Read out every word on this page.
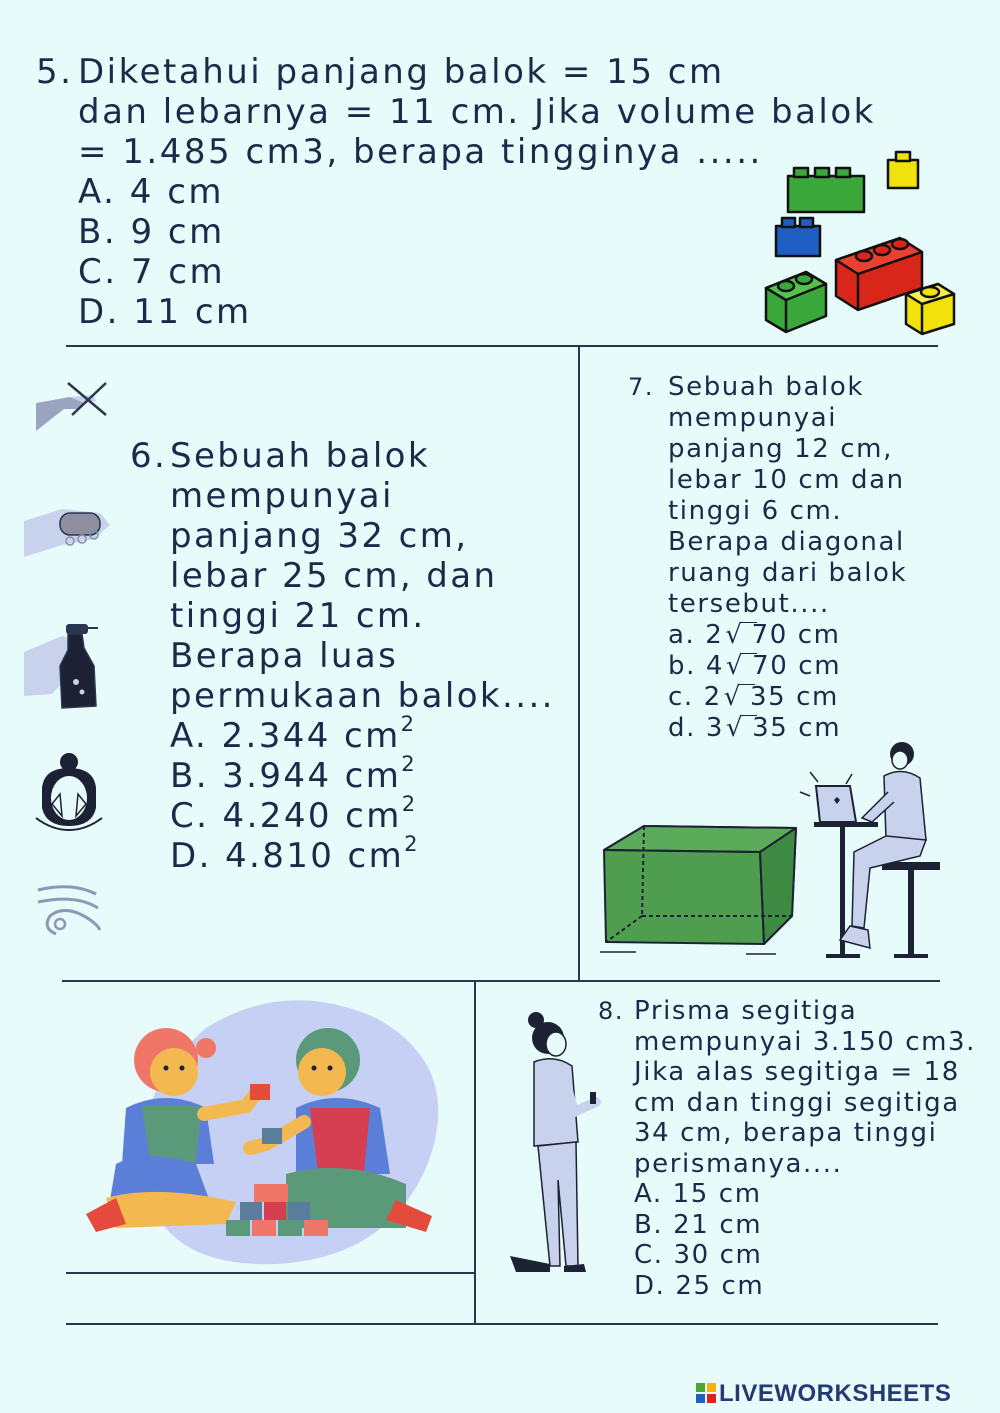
5. Diketahui panjang balok = 15 cm
dan lebarnya = 11 cm. Jika volume balok
= 1.485 cm3, berapa tingginya .....
A. 4 cm
B. 9 cm
C. 7 cm
D. 11 cm
6. Sebuah balok
mempunyai
panjang 32 cm,
lebar 25 cm, dan
tinggi 21 cm.
Berapa luas
permukaan balok....
A. 2.344 $cm^2$
B. 3.944 $cm^2$
C. 4.240 $cm^2$
D. 4.810 $cm^2$
7. Sebuah balok
mempunyai
panjang 12 cm,
lebar 10 cm dan
tinggi 6 cm.
Berapa diagonal
ruang dari balok
tersebut....
a. 2√ 70 cm
b. 4√ 70 cm
c. 2√ 35 cm
d. 3√ 35 cm
8. Prisma segitiga
mempunyai 3.150 cm3.
Jika alas segitiga = 18
cm dan tinggi segitiga
34 cm, berapa tinggi
perismanya....
A. 15 cm
B. 21 cm
C. 30 cm
D. 25 cm
LIVEWORKSHEETS
